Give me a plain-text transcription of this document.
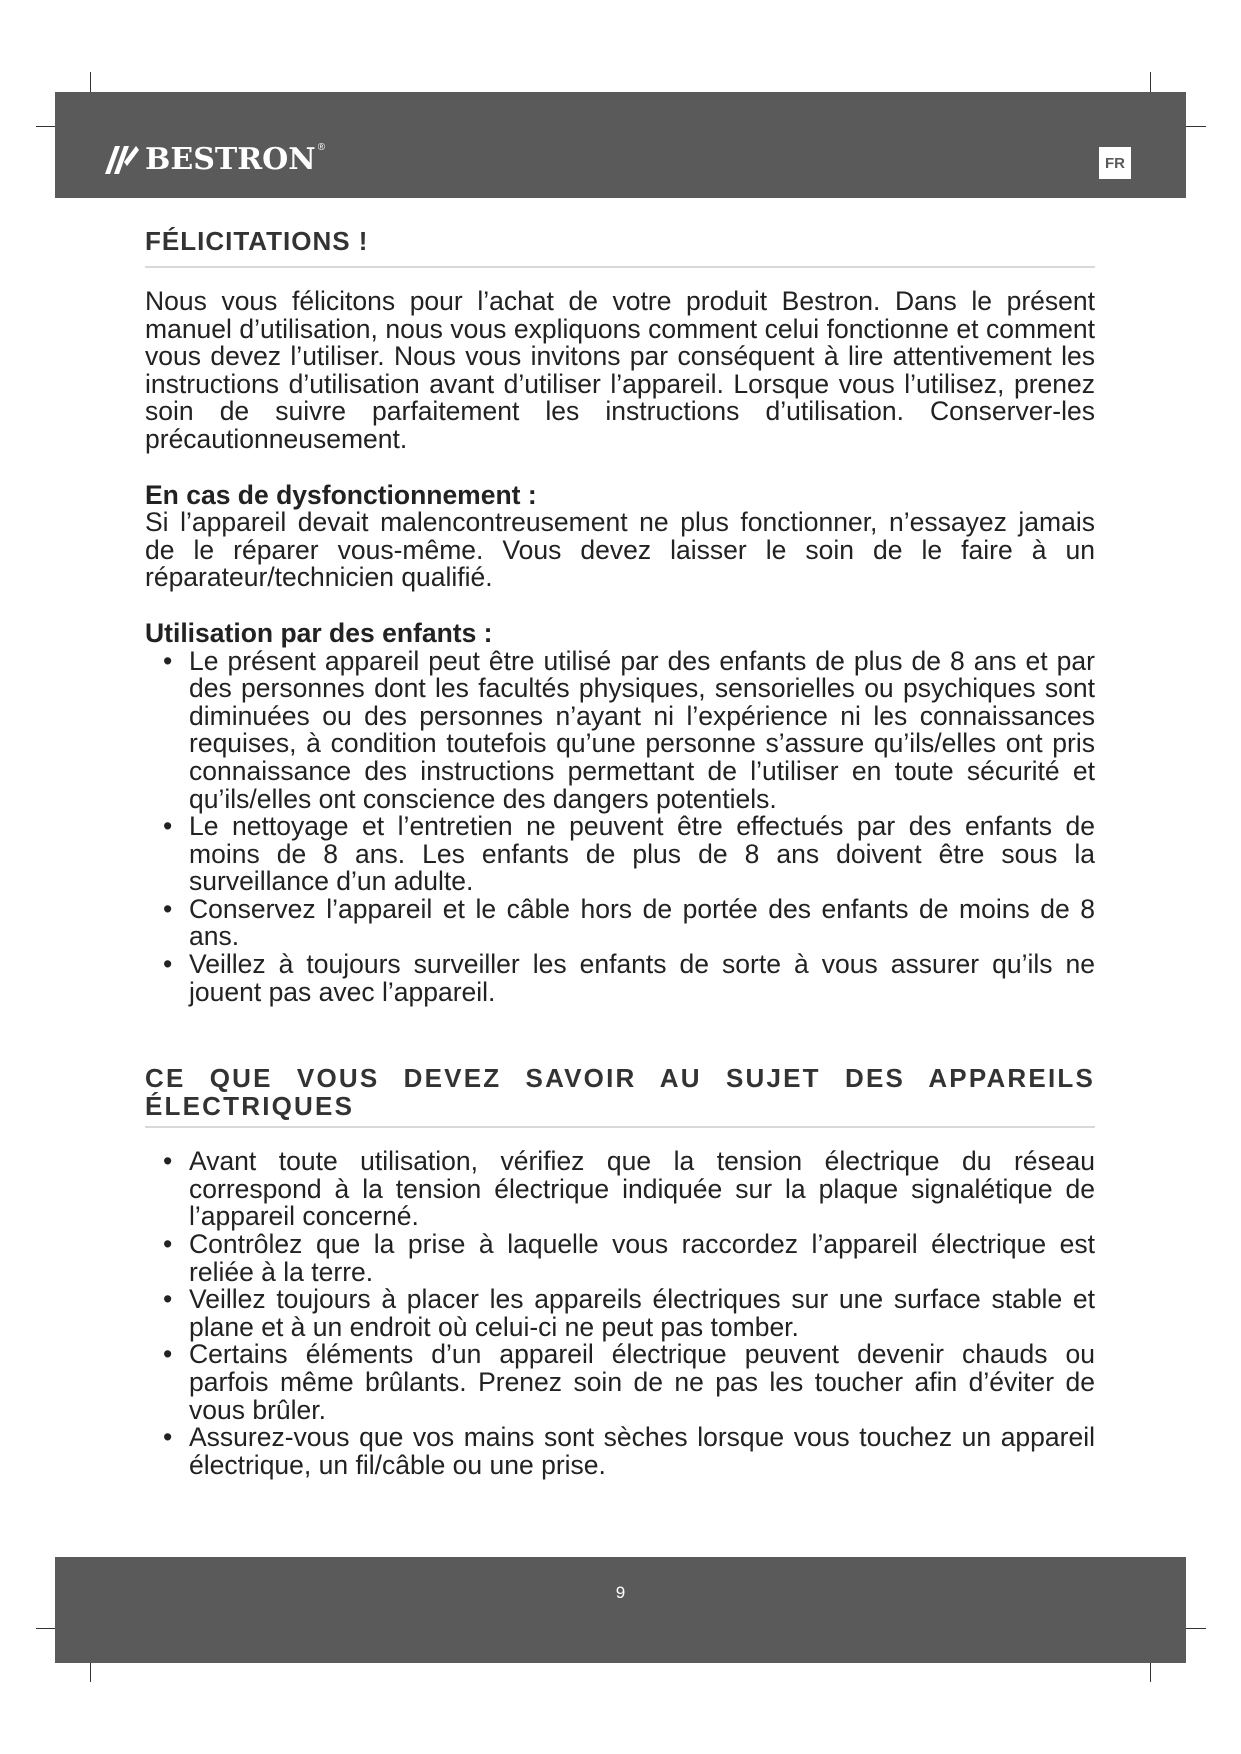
BESTRON ®
FR
FÉLICITATIONS !

Nous vous félicitons pour l’achat de votre produit Bestron. Dans le présent manuel d’utilisation, nous vous expliquons comment celui fonctionne et comment vous devez l’utiliser. Nous vous invitons par conséquent à lire attentivement les instructions d’utilisation avant d’utiliser l’appareil. Lorsque vous l’utilisez, prenez soin de suivre parfaitement les instructions d’utilisation. Conserver-les précautionneusement.

En cas de dysfonctionnement :

Si l’appareil devait malencontreusement ne plus fonctionner, n’essayez jamais de le réparer vous-même. Vous devez laisser le soin de le faire à un réparateur/technicien qualifié.

Utilisation par des enfants :

• Le présent appareil peut être utilisé par des enfants de plus de 8 ans et par des personnes dont les facultés physiques, sensorielles ou psychiques sont diminuées ou des personnes n’ayant ni l’expérience ni les connaissances requises, à condition toutefois qu’une personne s’assure qu’ils/elles ont pris connaissance des instructions permettant de l’utiliser en toute sécurité et qu’ils/elles ont conscience des dangers potentiels.
• Le nettoyage et l’entretien ne peuvent être effectués par des enfants de moins de 8 ans. Les enfants de plus de 8 ans doivent être sous la surveillance d’un adulte.
• Conservez l’appareil et le câble hors de portée des enfants de moins de 8 ans.
• Veillez à toujours surveiller les enfants de sorte à vous assurer qu’ils ne jouent pas avec l’appareil.
CE QUE VOUS DEVEZ SAVOIR AU SUJET DES APPAREILS ÉLECTRIQUES
• Avant toute utilisation, vérifiez que la tension électrique du réseau correspond à la tension électrique indiquée sur la plaque signalétique de l’appareil concerné.
• Contrôlez que la prise à laquelle vous raccordez l’appareil électrique est reliée à la terre.
• Veillez toujours à placer les appareils électriques sur une surface stable et plane et à un endroit où celui-ci ne peut pas tomber.
• Certains éléments d’un appareil électrique peuvent devenir chauds ou parfois même brûlants. Prenez soin de ne pas les toucher afin d’éviter de vous brûler.
• Assurez-vous que vos mains sont sèches lorsque vous touchez un appareil électrique, un fil/câble ou une prise.
9
